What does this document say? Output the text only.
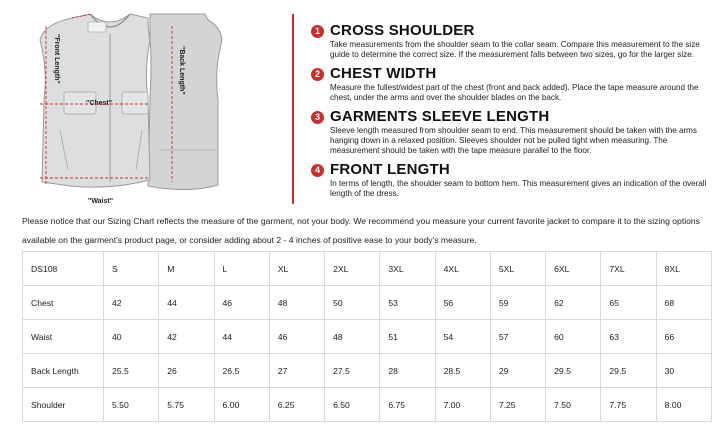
"Front Length"	"Back Length"
"Chest"
"Waist"
1 CROSS SHOULDER
Take measurements from the shoulder seam to the collar seam. Compare this measurement to the size guide to determine the correct size. If the measurement falls between two sizes, go for the larger size.
2 CHEST WIDTH
Measure the fullest/widest part of the chest (front and back added). Place the tape measure around the chest, under the arms and over the shoulder blades on the back.
3 GARMENTS SLEEVE LENGTH
Sleeve length measured from shoulder seam to end. This measurement should be taken with the arms hanging down in a relaxed position. Sleeves shoulder not be pulled tight when measuring. The measurement should be taken with the tape measure parallel to the floor.
4 FRONT LENGTH
In terms of length, the shoulder seam to bottom hem. This measurement gives an indication of the overall length of the dress.
Please notice that our Sizing Chart reflects the measure of the garment, not your body. We recommend you measure your current favorite jacket to compare it to the sizing options available on the garment's product page, or consider adding about 2 - 4 inches of positive ease to your body's measure.
DS108	S	M	L	XL	2XL	3XL	4XL	5XL	6XL	7XL	8XL
Chest	42	44	46	48	50	53	56	59	62	65	68
Waist	40	42	44	46	48	51	54	57	60	63	66
Back Length	25.5	26	26.5	27	27.5	28	28.5	29	29.5	29.5	30
Shoulder	5.50	5.75	6.00	6.25	6.50	6.75	7.00	7.25	7.50	7.75	8.00
